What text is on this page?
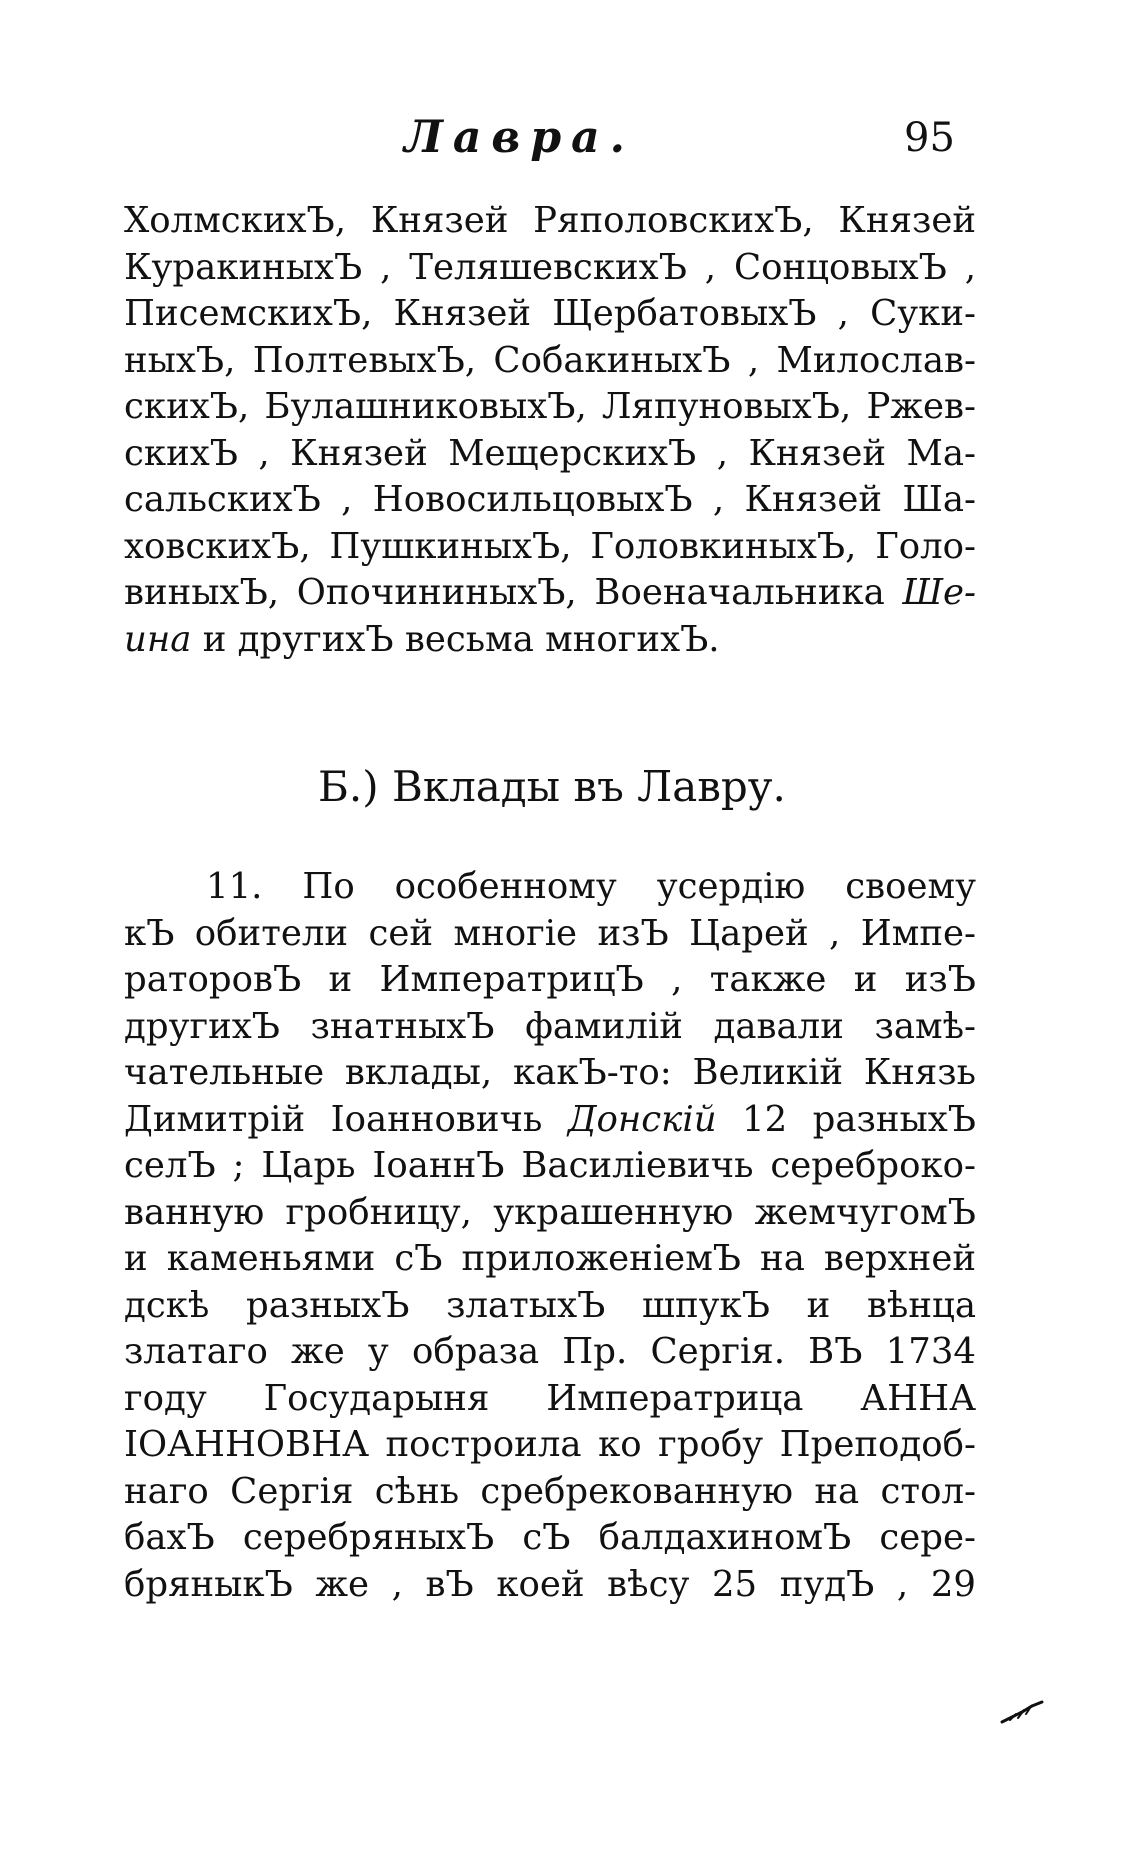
Лавра.	95
ХолмскихЪ, Князей РяполовскихЪ, Князей
КуракиныхЪ , ТеляшевскихЪ , СонцовыхЪ ,
ПисемскихЪ, Князей ЩербатовыхЪ , Суки-
ныхЪ, ПолтевыхЪ, СобакиныхЪ , Милослав-
скихЪ, БулашниковыхЪ, ЛяпуновыхЪ, Ржев-
скихЪ , Князей МещерскихЪ , Князей Ма-
сальскихЪ , НовосильцовыхЪ , Князей Ша-
ховскихЪ, ПушкиныхЪ, ГоловкиныхЪ, Голо-
виныхЪ, ОпочининыхЪ, Военачальника Ше-
ина и другихЪ весьма многихЪ.
Б.) Вклады въ Лавру.
11. По особенному усердію своему
кЪ обители сей многіе изЪ Царей , Импе-
раторовЪ и ИмператрицЪ , также и изЪ
другихЪ знатныхЪ фамилій давали замѣ-
чательные вклады, какЪ-то: Великій Князь
Димитрій Іоанновичь Донскій 12 разныхЪ
селЪ ; Царь ІоаннЪ Василіевичь сереброко-
ванную гробницу, украшенную жемчугомЪ
и каменьями сЪ приложеніемЪ на верхней
дскѣ разныхЪ златыхЪ шпукЪ и вѣнца
златаго же у образа Пр. Сергія. ВЪ 1734
году Государыня Императрица АННА
ІОАННОВНА построила ко гробу Преподоб-
наго Сергія сѣнь сребрекованную на стол-
бахЪ серебряныхЪ сЪ балдахиномЪ сере-
бряныкЪ же , вЪ коей вѣсу 25 пудЪ , 29
